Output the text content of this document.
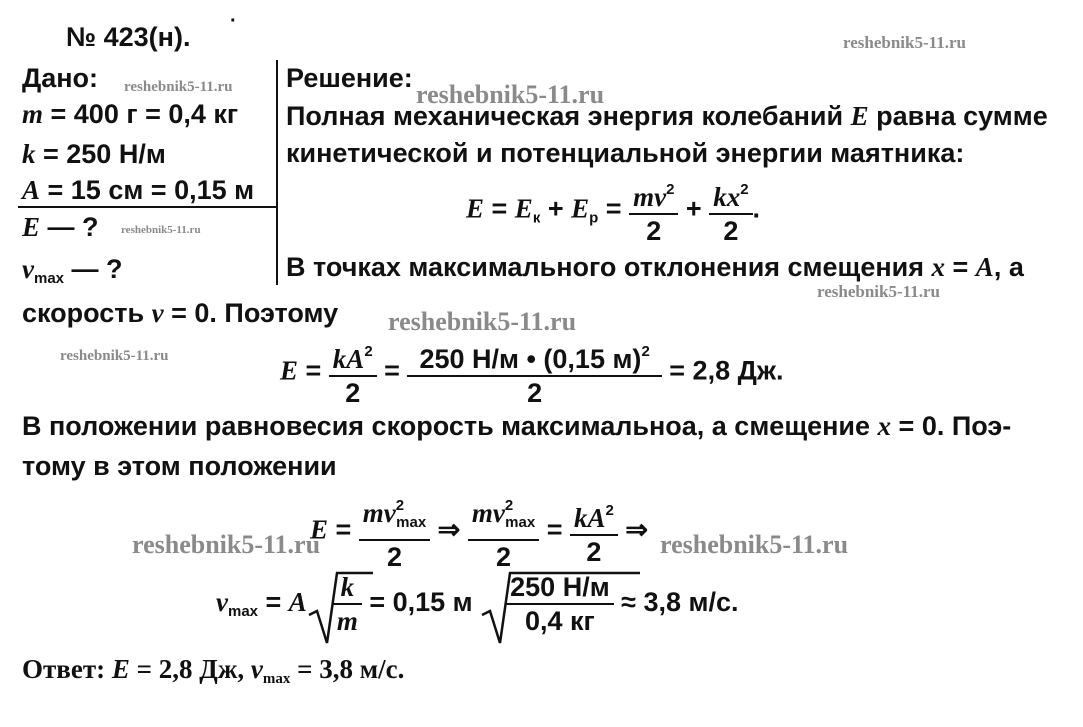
№ 423(н).
·
reshebnik5-11.ru
reshebnik5-11.ru	reshebnik5-11.ru
reshebnik5-11.ru
reshebnik5-11.ru
reshebnik5-11.ru
reshebnik5-11.ru
reshebnik5-11.ru	reshebnik5-11.ru
Дано:
m = 400 г = 0,4 кг
k = 250 Н/м
A = 15 см = 0,15 м
E — ?
$v_{max}$ — ?
Решение:
Полная механическая энергия колебаний E равна сумме
кинетической и потенциальной энергии маятника:
$E = E_к + E_р = \frac{mv^2}{2} + \frac{kx^2}{2}$ .
В точках максимального отклонения смещения x = A, а
скорость v = 0. Поэтому
$E = \frac{kA^2}{2} = \frac{250 Н/м • (0,15 м)^2}{2} = 2,8$ Дж.
В положении равновесия скорость максимальноа, а смещение x = 0. Поэ-
тому в этом положении
$E = \frac{mv^2_{max}}{2}$ ⇒ $\frac{mv^2_{max}}{2} = \frac{kA^2}{2}$ ⇒
$v_{max} = A \frac{k}{m} = 0,15$ м $\frac{250 Н/м}{0,4 кг} \approx 3,8$ м/с.
Ответ: E = 2,8 Дж, $v_{max} = 3,8$ м/с.
